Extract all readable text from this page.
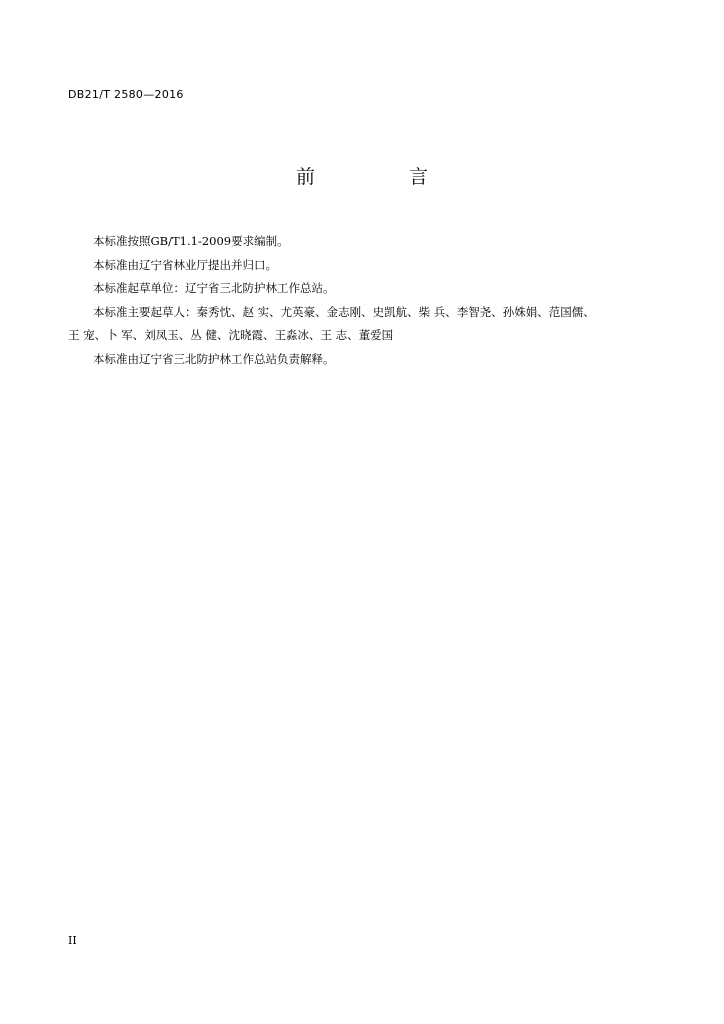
DB21/T 2580—2016
前 言

本标准按照GB/T1.1-2009要求编制。

本标准由辽宁省林业厅提出并归口。

本标准起草单位：辽宁省三北防护林工作总站。

本标准主要起草人：秦秀忱、赵 实、尤英豪、金志刚、史凯航、柴 兵、李智尧、孙姝娟、范国儒、

王 宠、卜 军、刘凤玉、丛 健、沈晓霞、王淼冰、王 志、董爱国

本标准由辽宁省三北防护林工作总站负责解释。

II
